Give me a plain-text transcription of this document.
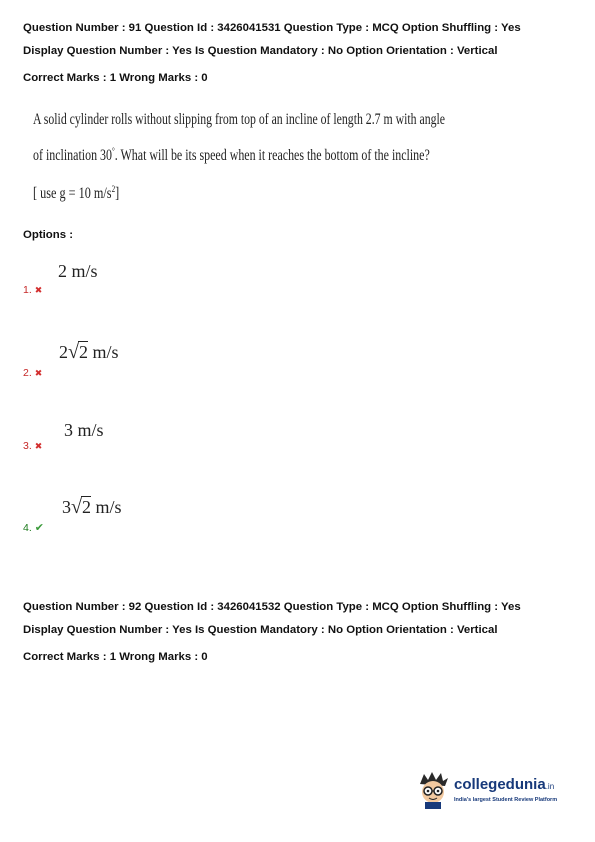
Question Number : 91 Question Id : 3426041531 Question Type : MCQ Option Shuffling : Yes
Display Question Number : Yes Is Question Mandatory : No Option Orientation : Vertical
Correct Marks : 1 Wrong Marks : 0
A solid cylinder rolls without slipping from top of an incline of length 2.7 m with angle
of inclination 30°. What will be its speed when it reaches the bottom of the incline?
[ use g = 10 $m/s^2$]
Options :
2 m/s
1. ✖
2√2 m/s
2. ✖
3 m/s
3. ✖
3√2 m/s
4. ✔
Question Number : 92 Question Id : 3426041532 Question Type : MCQ Option Shuffling : Yes
Display Question Number : Yes Is Question Mandatory : No Option Orientation : Vertical
Correct Marks : 1 Wrong Marks : 0
collegedunia.in
India's largest Student Review Platform
